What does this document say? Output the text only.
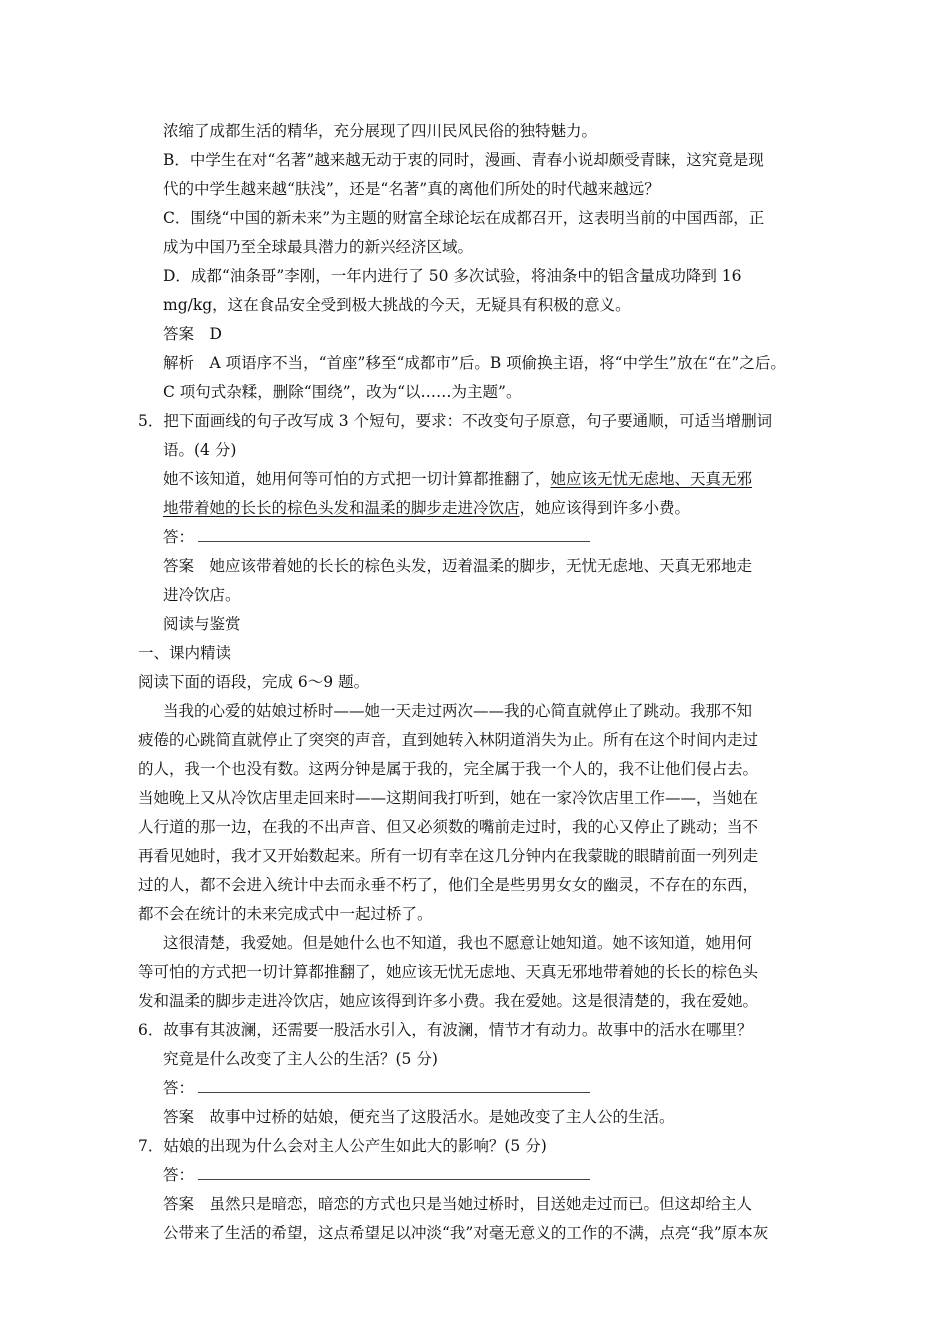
浓缩了成都生活的精华，充分展现了四川民风民俗的独特魅力。
B．中学生在对“名著”越来越无动于衷的同时，漫画、青春小说却颇受青睐，这究竟是现
代的中学生越来越“肤浅”，还是“名著”真的离他们所处的时代越来越远？
C．围绕“中国的新未来”为主题的财富全球论坛在成都召开，这表明当前的中国西部，正
成为中国乃至全球最具潜力的新兴经济区域。
D．成都“油条哥”李刚，一年内进行了 50 多次试验，将油条中的铝含量成功降到 16
mg/kg，这在食品安全受到极大挑战的今天，无疑具有积极的意义。
答案　D
解析　A 项语序不当，“首座”移至“成都市”后。B 项偷换主语，将“中学生”放在“在”之后。
C 项句式杂糅，删除“围绕”，改为“以……为主题”。
5．把下面画线的句子改写成 3 个短句，要求：不改变句子原意，句子要通顺，可适当增删词
语。(4 分)
她不该知道，她用何等可怕的方式把一切计算都推翻了，她应该无忧无虑地、天真无邪
地带着她的长长的棕色头发和温柔的脚步走进冷饮店，她应该得到许多小费。
答：
答案　她应该带着她的长长的棕色头发，迈着温柔的脚步，无忧无虑地、天真无邪地走
进冷饮店。
阅读与鉴赏
一、课内精读
阅读下面的语段，完成 6～9 题。
当我的心爱的姑娘过桥时——她一天走过两次——我的心简直就停止了跳动。我那不知
疲倦的心跳简直就停止了突突的声音，直到她转入林阴道消失为止。所有在这个时间内走过
的人，我一个也没有数。这两分钟是属于我的，完全属于我一个人的，我不让他们侵占去。
当她晚上又从冷饮店里走回来时——这期间我打听到，她在一家冷饮店里工作——，当她在
人行道的那一边，在我的不出声音、但又必须数的嘴前走过时，我的心又停止了跳动；当不
再看见她时，我才又开始数起来。所有一切有幸在这几分钟内在我蒙眬的眼睛前面一列列走
过的人，都不会进入统计中去而永垂不朽了，他们全是些男男女女的幽灵，不存在的东西，
都不会在统计的未来完成式中一起过桥了。
这很清楚，我爱她。但是她什么也不知道，我也不愿意让她知道。她不该知道，她用何
等可怕的方式把一切计算都推翻了，她应该无忧无虑地、天真无邪地带着她的长长的棕色头
发和温柔的脚步走进冷饮店，她应该得到许多小费。我在爱她。这是很清楚的，我在爱她。
6．故事有其波澜，还需要一股活水引入，有波澜，情节才有动力。故事中的活水在哪里？
究竟是什么改变了主人公的生活？(5 分)
答：
答案　故事中过桥的姑娘，便充当了这股活水。是她改变了主人公的生活。
7．姑娘的出现为什么会对主人公产生如此大的影响？(5 分)
答：
答案　虽然只是暗恋，暗恋的方式也只是当她过桥时，目送她走过而已。但这却给主人
公带来了生活的希望，这点希望足以冲淡“我”对毫无意义的工作的不满，点亮“我”原本灰
